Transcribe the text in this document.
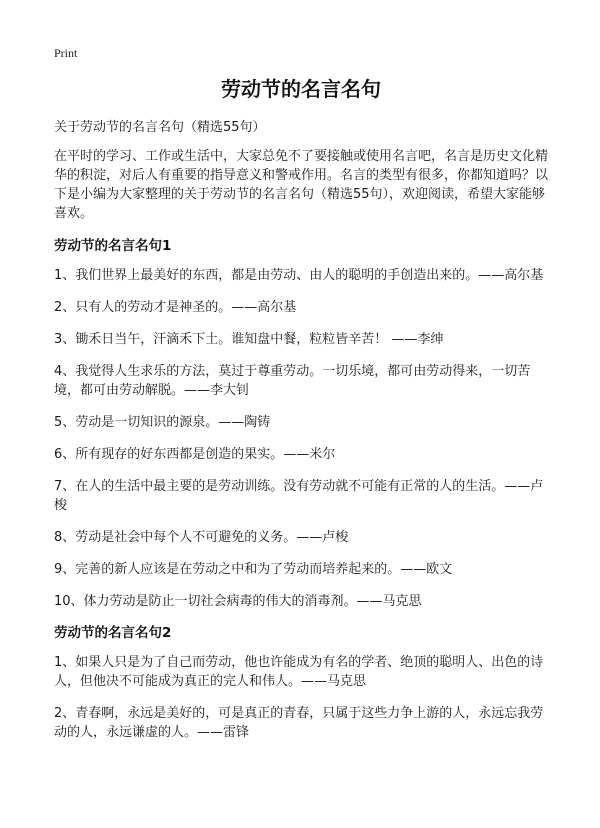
Print
劳动节的名言名句

关于劳动节的名言名句（精选55句）

在平时的学习、工作或生活中，大家总免不了要接触或使用名言吧，名言是历史文化精华的积淀，对后人有重要的指导意义和警戒作用。名言的类型有很多，你都知道吗？以下是小编为大家整理的关于劳动节的名言名句（精选55句），欢迎阅读，希望大家能够喜欢。

劳动节的名言名句1
1、我们世界上最美好的东西，都是由劳动、由人的聪明的手创造出来的。——高尔基
2、只有人的劳动才是神圣的。——高尔基
3、锄禾日当午，汗滴禾下土。谁知盘中餐，粒粒皆辛苦！ ——李绅
4、我觉得人生求乐的方法，莫过于尊重劳动。一切乐境，都可由劳动得来，一切苦境，都可由劳动解脱。——李大钊
5、劳动是一切知识的源泉。——陶铸
6、所有现存的好东西都是创造的果实。——米尔
7、在人的生活中最主要的是劳动训练。没有劳动就不可能有正常的人的生活。——卢梭
8、劳动是社会中每个人不可避免的义务。——卢梭
9、完善的新人应该是在劳动之中和为了劳动而培养起来的。——欧文
10、体力劳动是防止一切社会病毒的伟大的消毒剂。——马克思
劳动节的名言名句2
1、如果人只是为了自己而劳动，他也许能成为有名的学者、绝顶的聪明人、出色的诗人，但他决不可能成为真正的完人和伟人。——马克思
2、青春啊，永远是美好的，可是真正的青春，只属于这些力争上游的人，永远忘我劳动的人，永远谦虚的人。——雷锋
